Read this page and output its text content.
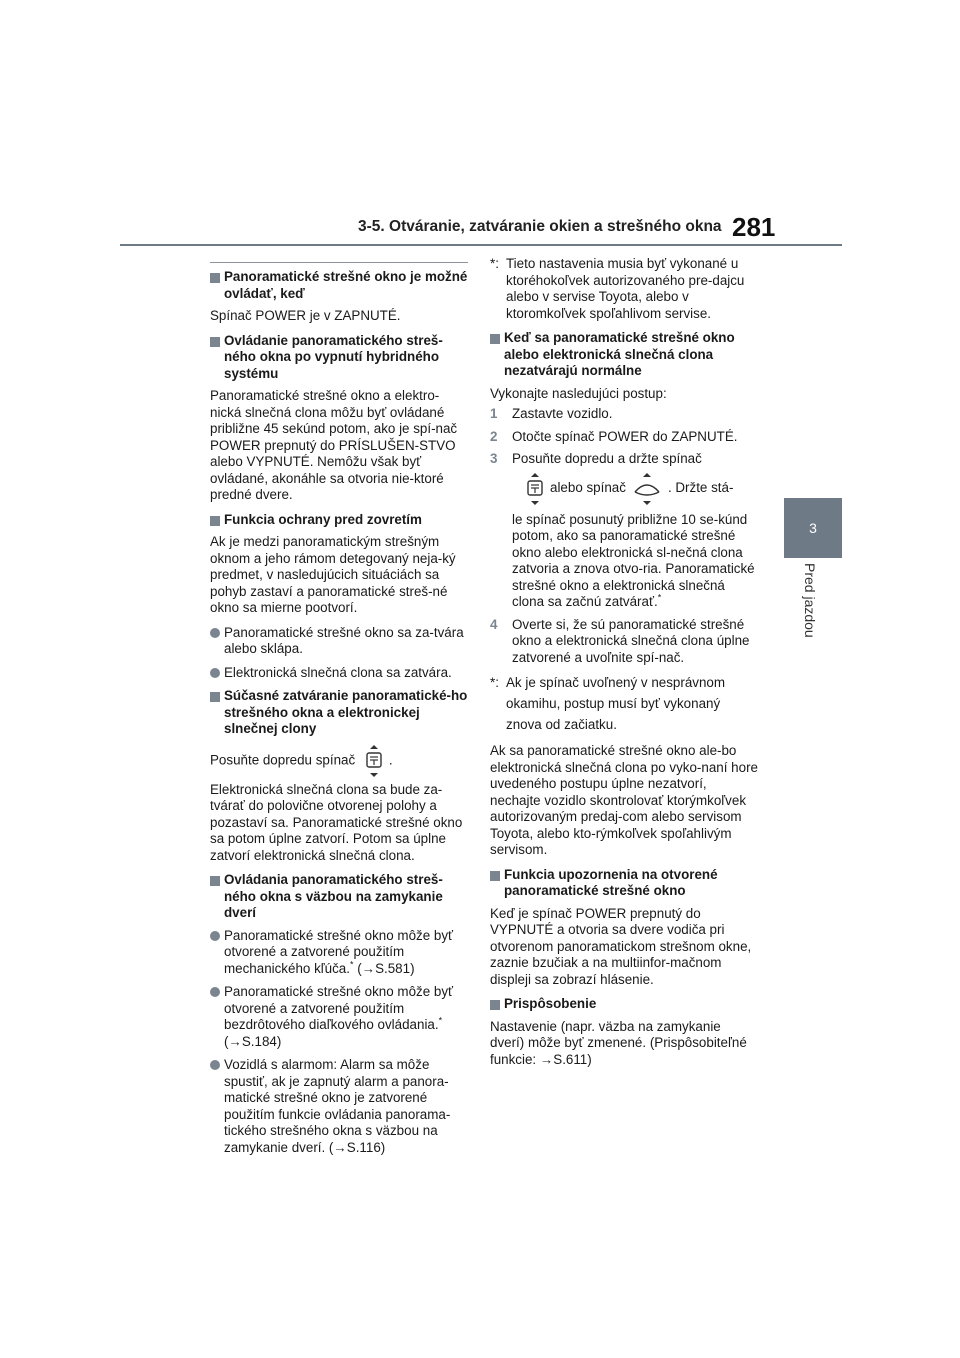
3-5. Otváranie, zatváranie okien a strešného okna 281
3
Pred jazdou
Panoramatické strešné okno je možné ovládať, keď

Spínač POWER je v ZAPNUTÉ.

Ovládanie panoramatického streš-ného okna po vypnutí hybridného systému

Panoramatické strešné okno a elektro-nická slnečná clona môžu byť ovládané približne 45 sekúnd potom, ako je spí-nač POWER prepnutý do PRÍSLUŠEN-STVO alebo VYPNUTÉ. Nemôžu však byť ovládané, akonáhle sa otvoria nie-ktoré predné dvere.

Funkcia ochrany pred zovretím

Ak je medzi panoramatickým strešným oknom a jeho rámom detegovaný neja-ký predmet, v nasledujúcich situáciách sa pohyb zastaví a panoramatické streš-né okno sa mierne pootvorí.

Panoramatické strešné okno sa za-tvára alebo sklápa.
Elektronická slnečná clona sa zatvára.
Súčasné zatváranie panoramatické-ho strešného okna a elektronickej slnečnej clony

Posuňte dopredu spínač	.

Elektronická slnečná clona sa bude za-tvárať do polovične otvorenej polohy a pozastaví sa. Panoramatické strešné okno sa potom úplne zatvorí. Potom sa úplne zatvorí elektronická slnečná clona.

Ovládania panoramatického streš-ného okna s väzbou na zamykanie dverí
Panoramatické strešné okno môže byť otvorené a zatvorené použitím mechanického kľúča.* (→S.581)
Panoramatické strešné okno môže byť otvorené a zatvorené použitím bezdrôtového diaľkového ovládania.*
(→S.184)
Vozidlá s alarmom: Alarm sa môže spustiť, ak je zapnutý alarm a panora-matické strešné okno je zatvorené použitím funkcie ovládania panorama-tického strešného okna s väzbou na zamykanie dverí. (→S.116)
*: Tieto nastavenia musia byť vykonané u ktoréhokoľvek autorizovaného pre-dajcu alebo v servise Toyota, alebo v ktoromkoľvek spoľahlivom servise.
Keď sa panoramatické strešné okno alebo elektronická slnečná clona nezatvárajú normálne

Vykonajte nasledujúci postup:

1 Zastavte vozidlo.
2 Otočte spínač POWER do ZAPNUTÉ.
3 Posuňte dopredu a držte spínač
alebo spínač	. Držte stá-
le spínač posunutý približne 10 se-kúnd potom, ako sa panoramatické strešné okno alebo elektronická sl-nečná clona zatvoria a znova otvo-ria. Panoramatické strešné okno a elektronická slnečná clona sa začnú zatvárať.*
4 Overte si, že sú panoramatické strešné okno a elektronická slnečná clona úplne zatvorené a uvoľnite spí-nač.
*: Ak je spínač uvoľnený v nesprávnom okamihu, postup musí byť vykonaný znova od začiatku.

Ak sa panoramatické strešné okno ale-bo elektronická slnečná clona po vyko-naní hore uvedeného postupu úplne nezatvorí, nechajte vozidlo skontrolovať ktorýmkoľvek autorizovaným predaj-com alebo servisom Toyota, alebo kto-rýmkoľvek spoľahlivým servisom.

Funkcia upozornenia na otvorené panoramatické strešné okno

Keď je spínač POWER prepnutý do VYPNUTÉ a otvoria sa dvere vodiča pri otvorenom panoramatickom strešnom okne, zaznie bzučiak a na multiinfor-mačnom displeji sa zobrazí hlásenie.

Prispôsobenie

Nastavenie (napr. väzba na zamykanie dverí) môže byť zmenené. (Prispôsobiteľné funkcie: →S.611)
